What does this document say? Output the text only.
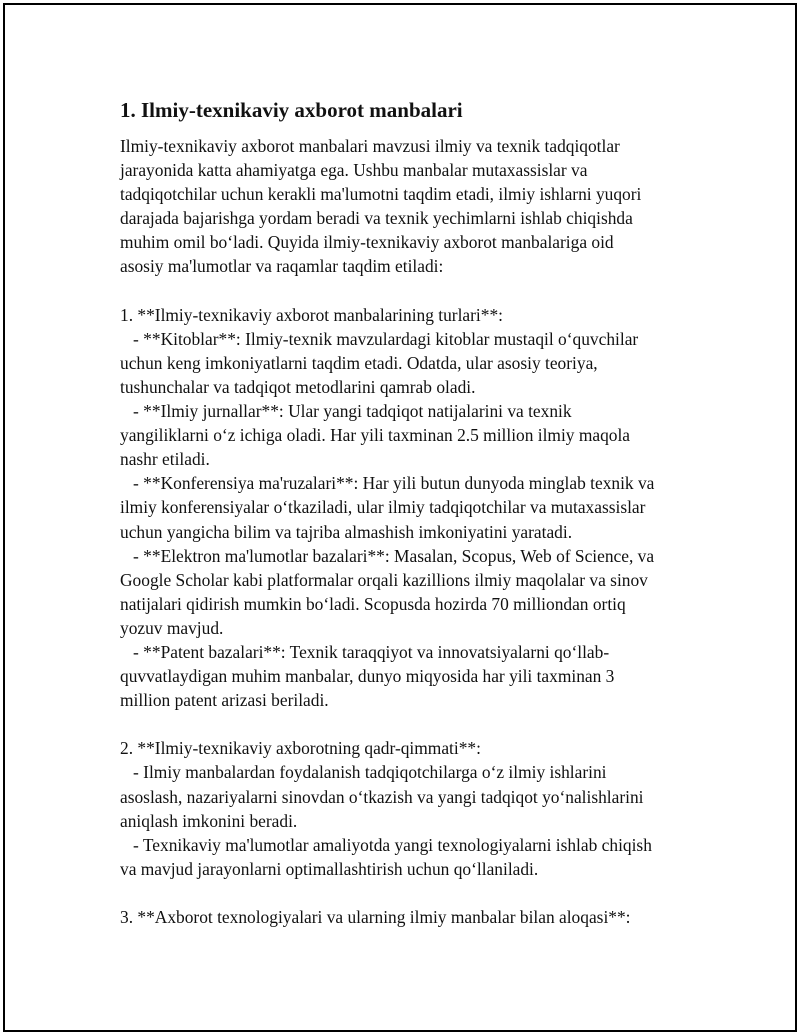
1. Ilmiy-texnikaviy axborot manbalari
Ilmiy-texnikaviy axborot manbalari mavzusi ilmiy va texnik tadqiqotlar
jarayonida katta ahamiyatga ega. Ushbu manbalar mutaxassislar va
tadqiqotchilar uchun kerakli ma'lumotni taqdim etadi, ilmiy ishlarni yuqori
darajada bajarishga yordam beradi va texnik yechimlarni ishlab chiqishda
muhim omil bo‘ladi. Quyida ilmiy-texnikaviy axborot manbalariga oid
asosiy ma'lumotlar va raqamlar taqdim etiladi:
1. **Ilmiy-texnikaviy axborot manbalarining turlari**:
- **Kitoblar**: Ilmiy-texnik mavzulardagi kitoblar mustaqil o‘quvchilar
uchun keng imkoniyatlarni taqdim etadi. Odatda, ular asosiy teoriya,
tushunchalar va tadqiqot metodlarini qamrab oladi.
- **Ilmiy jurnallar**: Ular yangi tadqiqot natijalarini va texnik
yangiliklarni o‘z ichiga oladi. Har yili taxminan 2.5 million ilmiy maqola
nashr etiladi.
- **Konferensiya ma'ruzalari**: Har yili butun dunyoda minglab texnik va
ilmiy konferensiyalar o‘tkaziladi, ular ilmiy tadqiqotchilar va mutaxassislar
uchun yangicha bilim va tajriba almashish imkoniyatini yaratadi.
- **Elektron ma'lumotlar bazalari**: Masalan, Scopus, Web of Science, va
Google Scholar kabi platformalar orqali kazillions ilmiy maqolalar va sinov
natijalari qidirish mumkin bo‘ladi. Scopusda hozirda 70 milliondan ortiq
yozuv mavjud.
- **Patent bazalari**: Texnik taraqqiyot va innovatsiyalarni qo‘llab-
quvvatlaydigan muhim manbalar, dunyo miqyosida har yili taxminan 3
million patent arizasi beriladi.
2. **Ilmiy-texnikaviy axborotning qadr-qimmati**:
- Ilmiy manbalardan foydalanish tadqiqotchilarga o‘z ilmiy ishlarini
asoslash, nazariyalarni sinovdan o‘tkazish va yangi tadqiqot yo‘nalishlarini
aniqlash imkonini beradi.
- Texnikaviy ma'lumotlar amaliyotda yangi texnologiyalarni ishlab chiqish
va mavjud jarayonlarni optimallashtirish uchun qo‘llaniladi.
3. **Axborot texnologiyalari va ularning ilmiy manbalar bilan aloqasi**:
